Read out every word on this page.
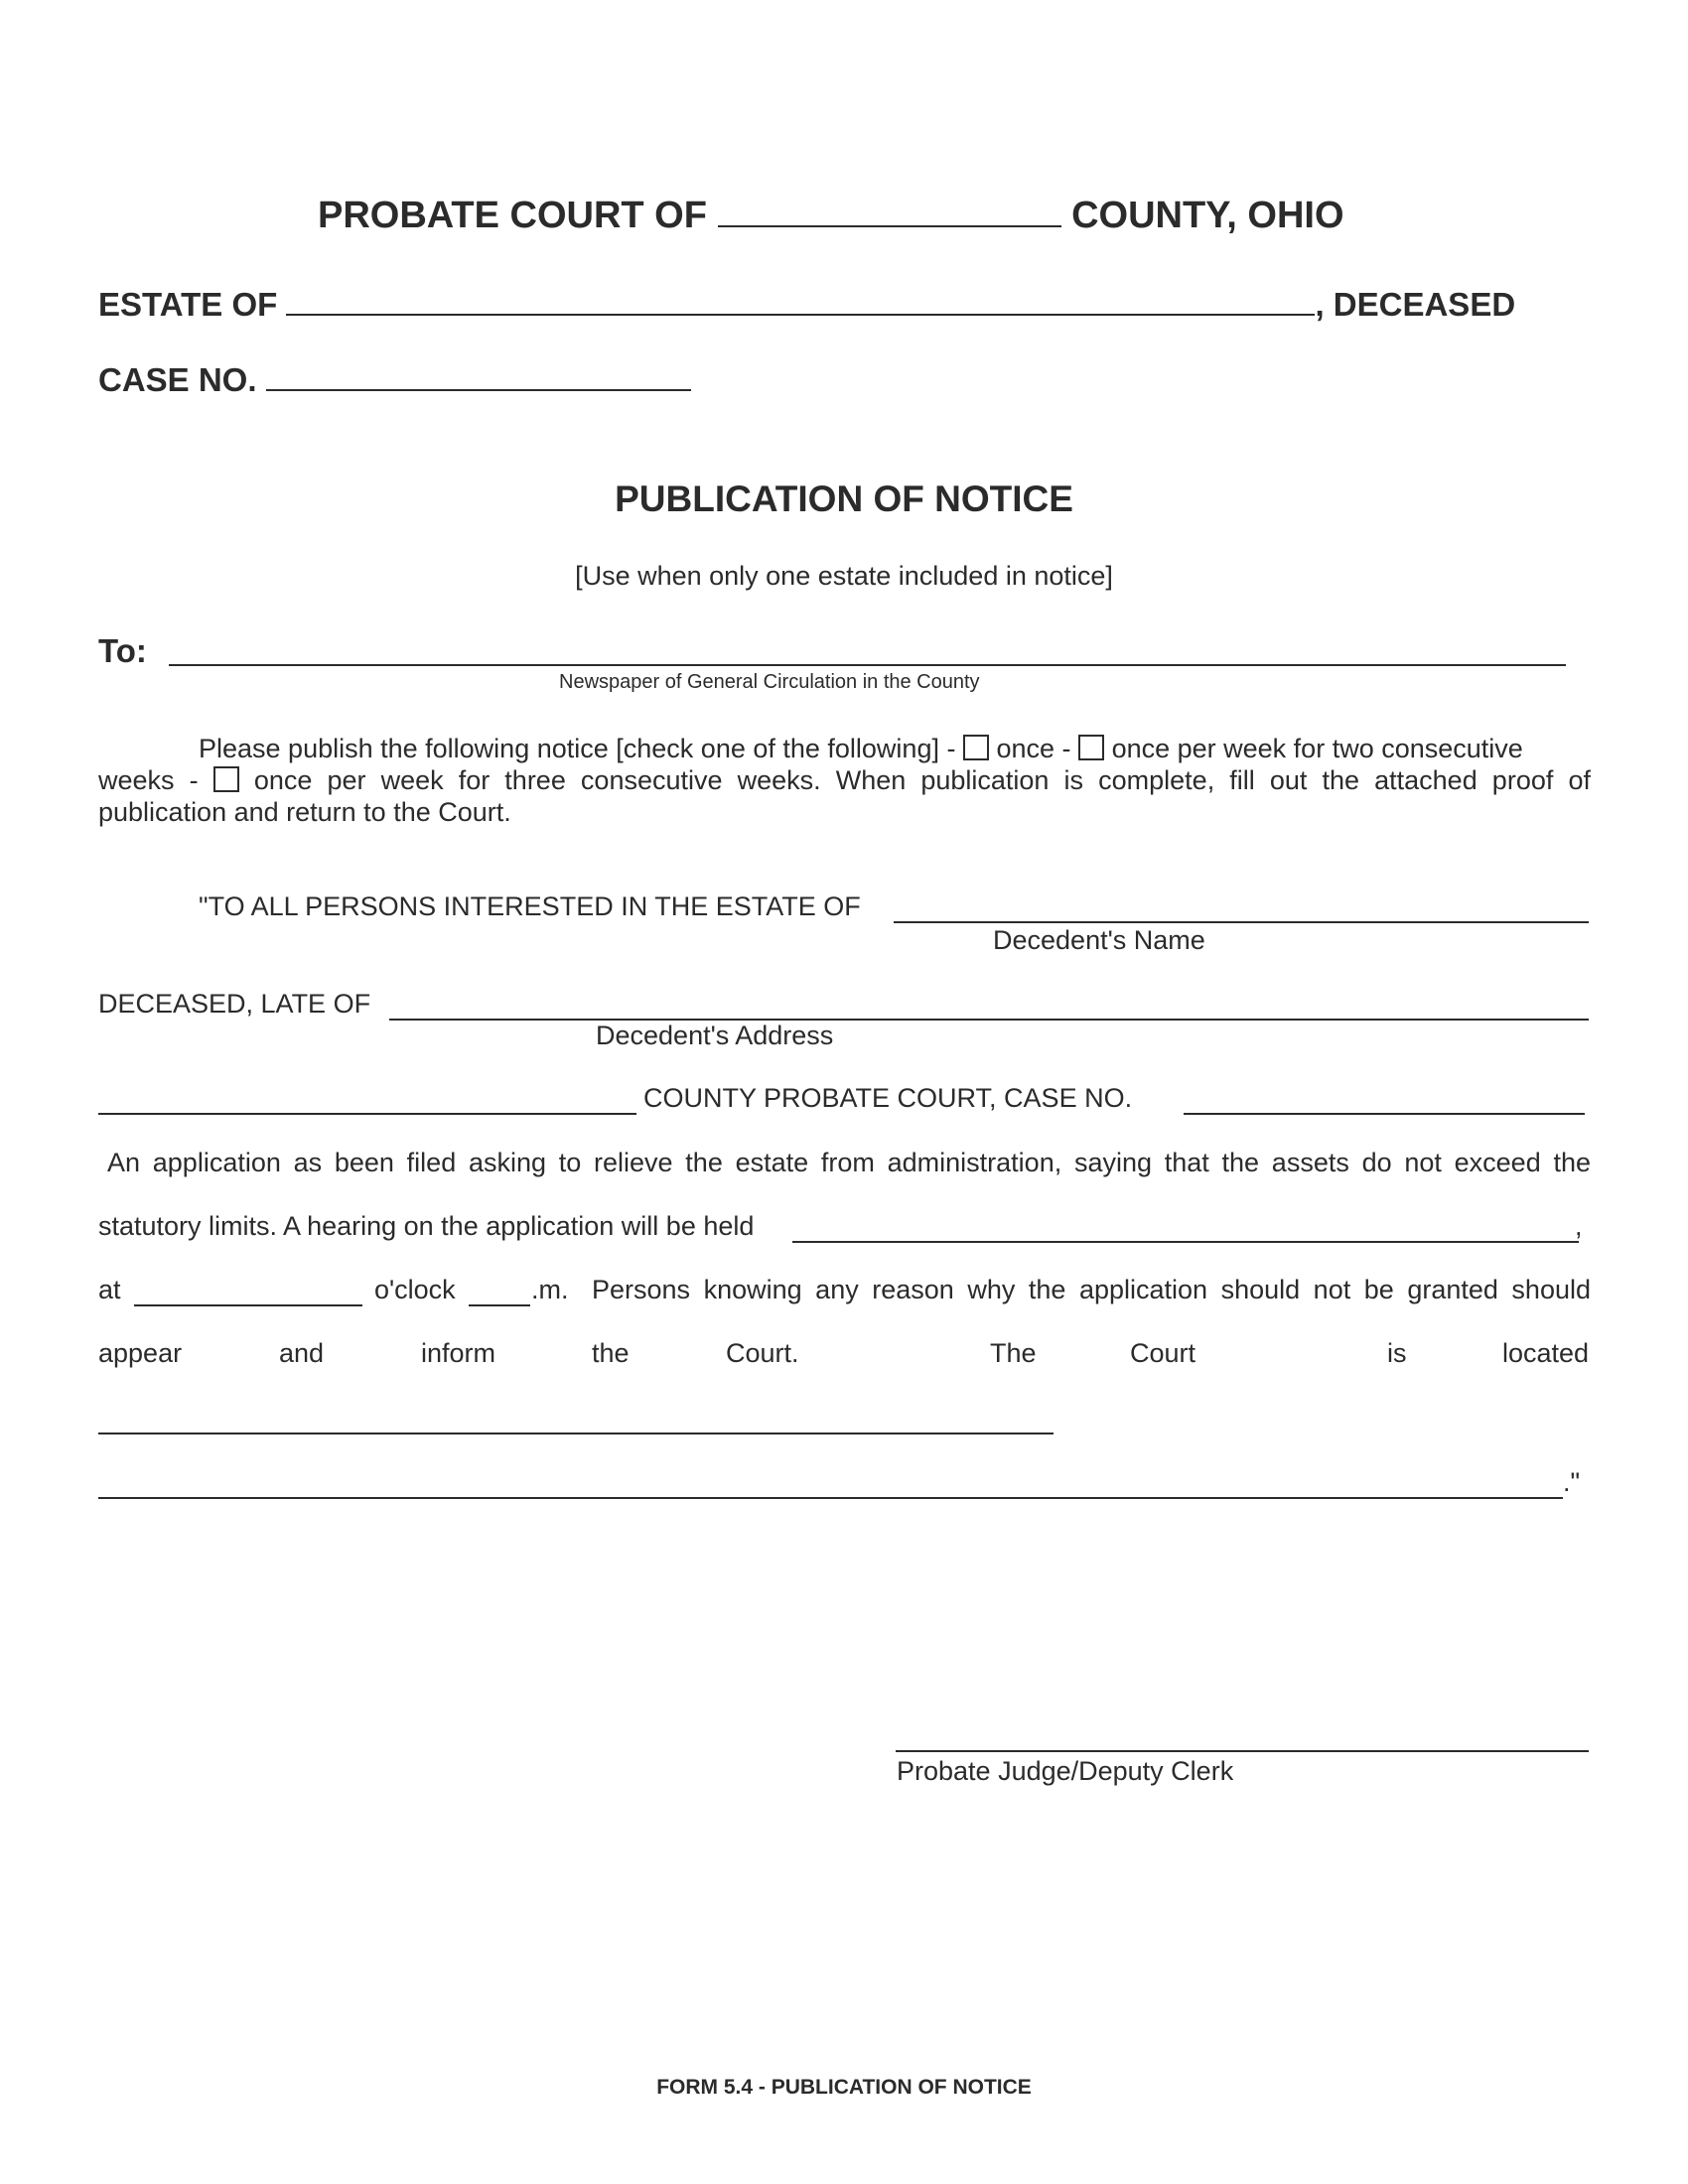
PROBATE COURT OF	COUNTY, OHIO
ESTATE OF	, DECEASED
CASE NO.
PUBLICATION OF NOTICE
[Use when only one estate included in notice]
To:
Newspaper of General Circulation in the County
Please publish the following notice [check one of the following] - once - once per week for two consecutive
weeks - once per week for three consecutive weeks. When publication is complete, fill out the attached proof of
publication and return to the Court.
"TO ALL PERSONS INTERESTED IN THE ESTATE OF
Decedent's Name
DECEASED, LATE OF
Decedent's Address
COUNTY PROBATE COURT, CASE NO.
An application as been filed asking to relieve the estate from administration, saying that the assets do not exceed the
statutory limits. A hearing on the application will be held	,
at	o'clock	.m. Persons knowing any reason why the application should not be granted should
appear	and	inform	the	Court.	The	Court	is	located
."
Probate Judge/Deputy Clerk
FORM 5.4 - PUBLICATION OF NOTICE
